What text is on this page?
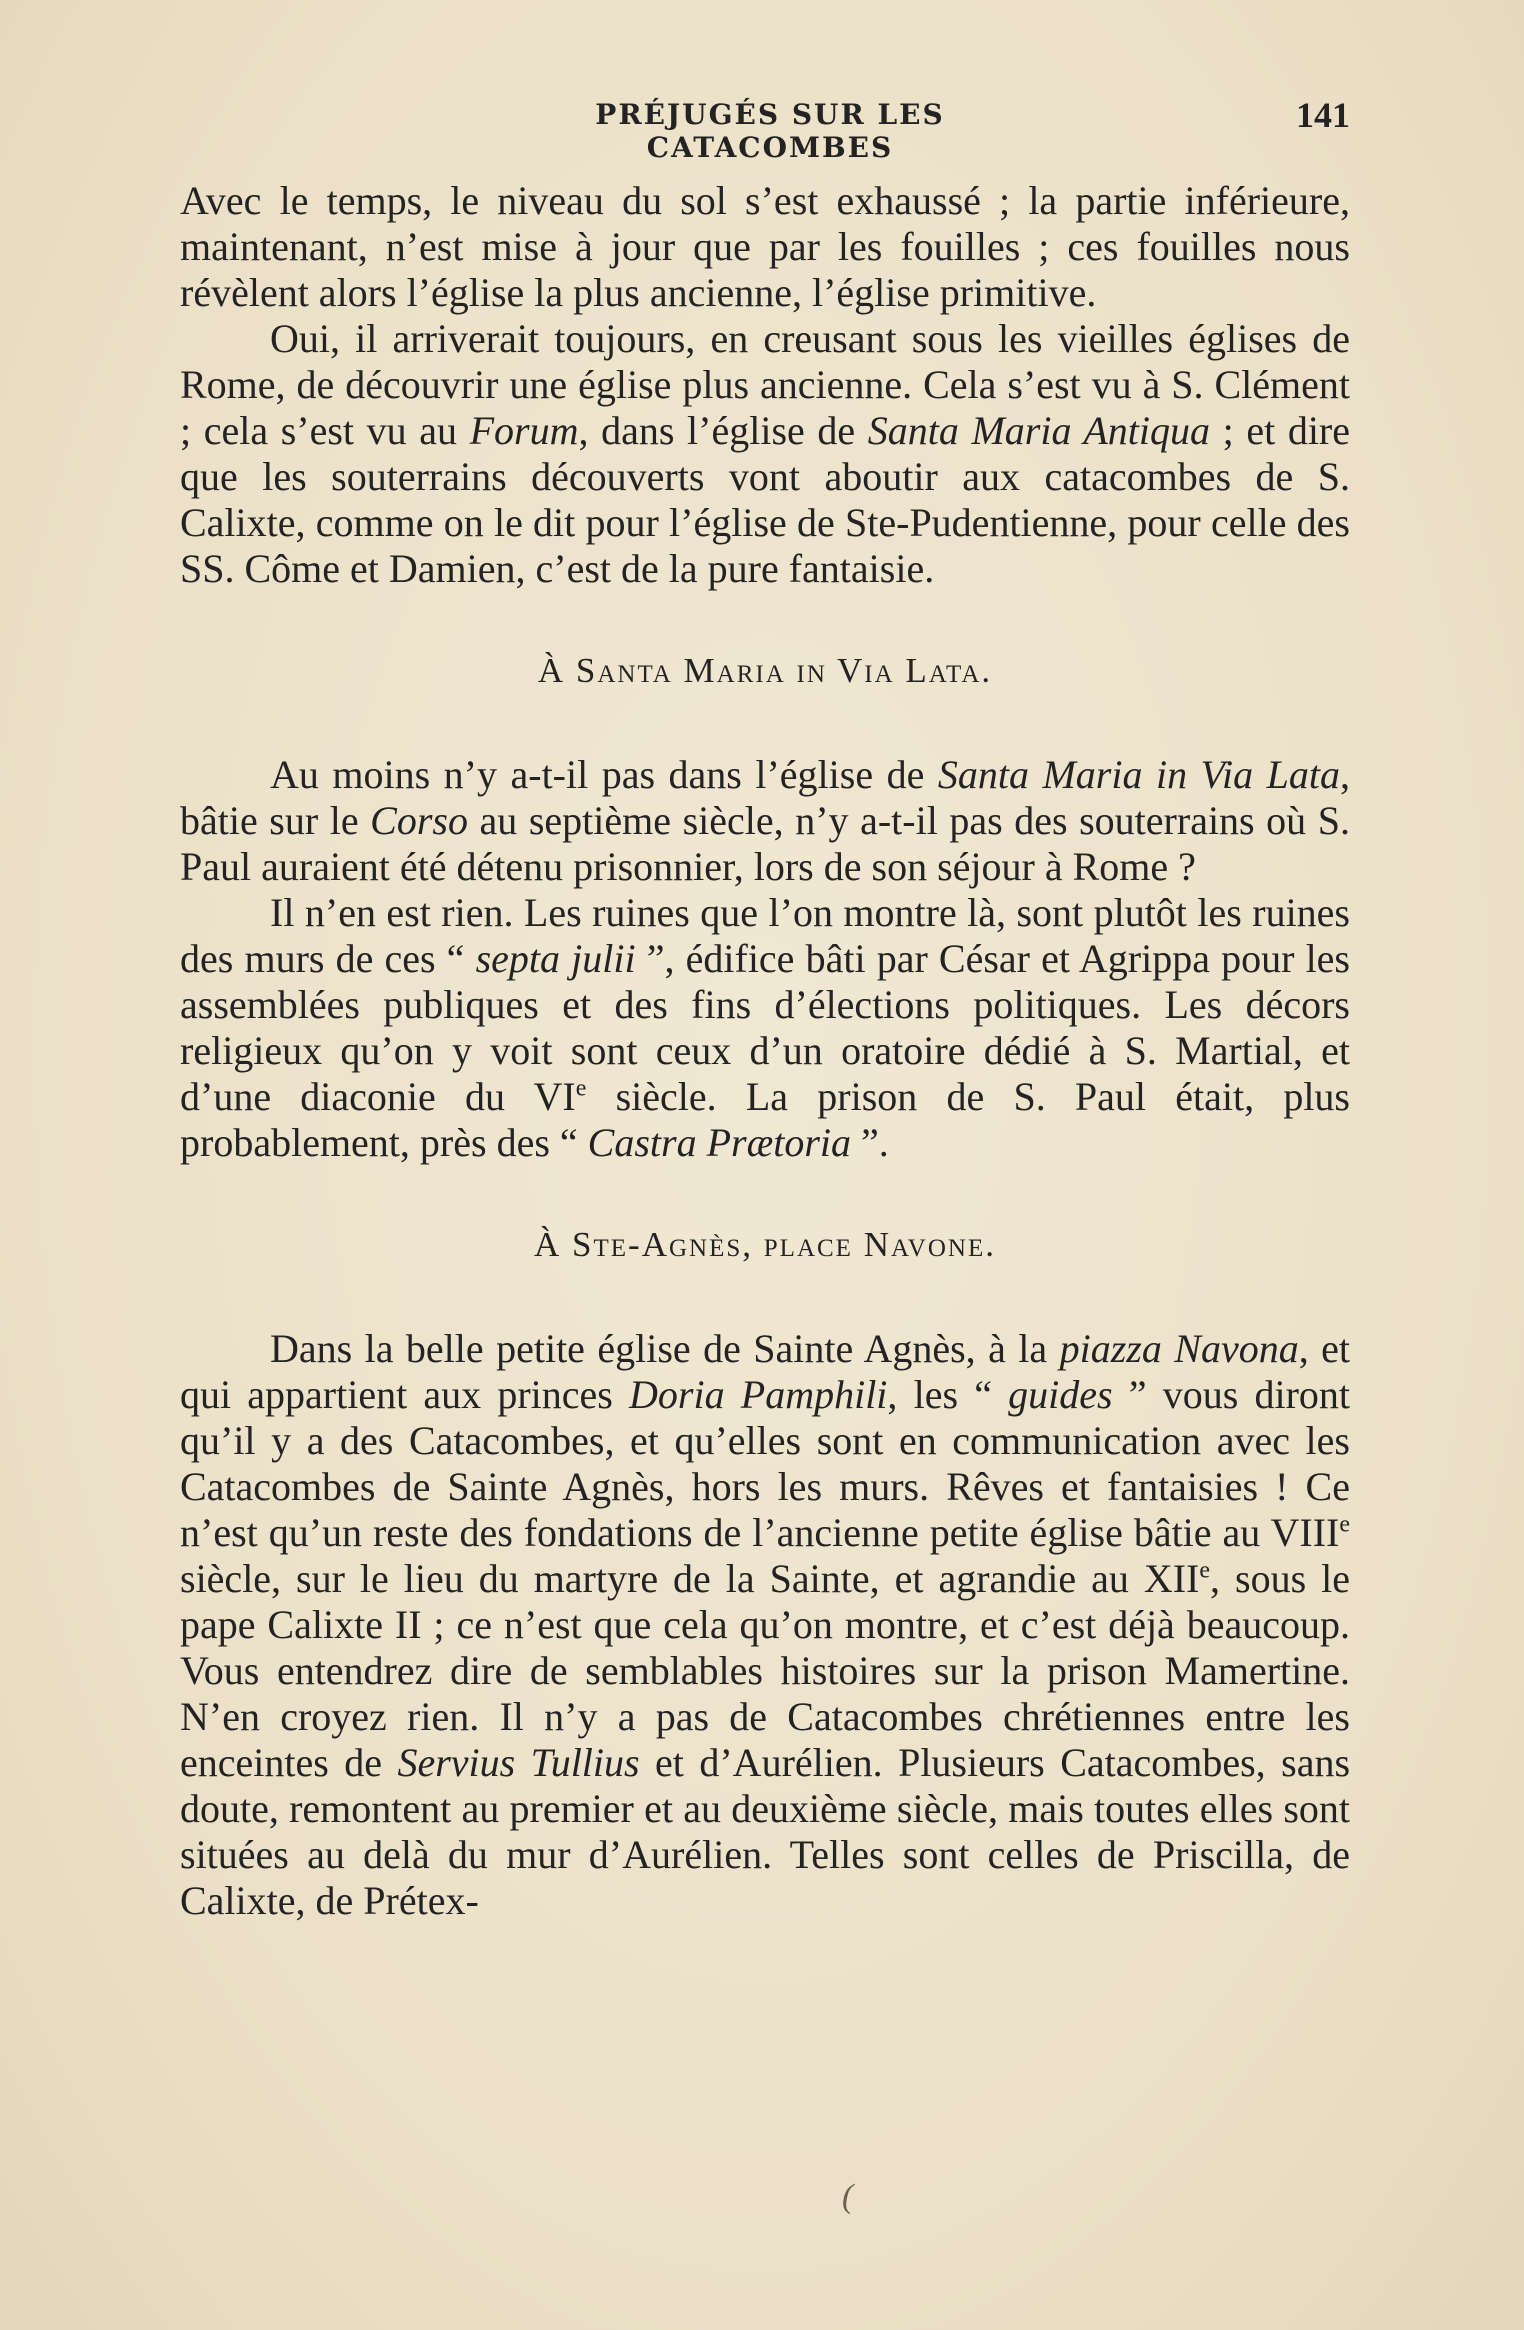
PRÉJUGÉS SUR LES CATACOMBES
141

Avec le temps, le niveau du sol s’est exhaussé ; la partie inférieure, maintenant, n’est mise à jour que par les fouilles ; ces fouilles nous révèlent alors l’église la plus ancienne, l’église primitive.

Oui, il arriverait toujours, en creusant sous les vieilles églises de Rome, de découvrir une église plus ancienne. Cela s’est vu à S. Clément ; cela s’est vu au Forum, dans l’église de Santa Maria Antiqua ; et dire que les souterrains découverts vont aboutir aux catacombes de S. Calixte, comme on le dit pour l’église de Ste-Pudentienne, pour celle des SS. Côme et Damien, c’est de la pure fantaisie.

À Santa Maria in Via Lata.

Au moins n’y a-t-il pas dans l’église de Santa Maria in Via Lata, bâtie sur le Corso au septième siècle, n’y a-t-il pas des souterrains où S. Paul auraient été détenu prisonnier, lors de son séjour à Rome ?

Il n’en est rien. Les ruines que l’on montre là, sont plutôt les ruines des murs de ces “ septa julii ”, édifice bâti par César et Agrippa pour les assemblées publiques et des fins d’élections politiques. Les décors religieux qu’on y voit sont ceux d’un oratoire dédié à S. Martial, et d’une diaconie du VIe siècle. La prison de S. Paul était, plus probablement, près des “ Castra Prætoria ”.

À Ste-Agnès, place Navone.

Dans la belle petite église de Sainte Agnès, à la piazza Navona, et qui appartient aux princes Doria Pamphili, les “ guides ” vous diront qu’il y a des Catacombes, et qu’elles sont en communication avec les Catacombes de Sainte Agnès, hors les murs. Rêves et fantaisies ! Ce n’est qu’un reste des fondations de l’ancienne petite église bâtie au VIIIe siècle, sur le lieu du martyre de la Sainte, et agrandie au XIIe, sous le pape Calixte II ; ce n’est que cela qu’on montre, et c’est déjà beaucoup. Vous entendrez dire de semblables histoires sur la prison Mamertine. N’en croyez rien. Il n’y a pas de Catacombes chrétiennes entre les enceintes de Servius Tullius et d’Aurélien. Plusieurs Catacombes, sans doute, remontent au premier et au deuxième siècle, mais toutes elles sont situées au delà du mur d’Aurélien. Telles sont celles de Priscilla, de Calixte, de Prétex-

(
